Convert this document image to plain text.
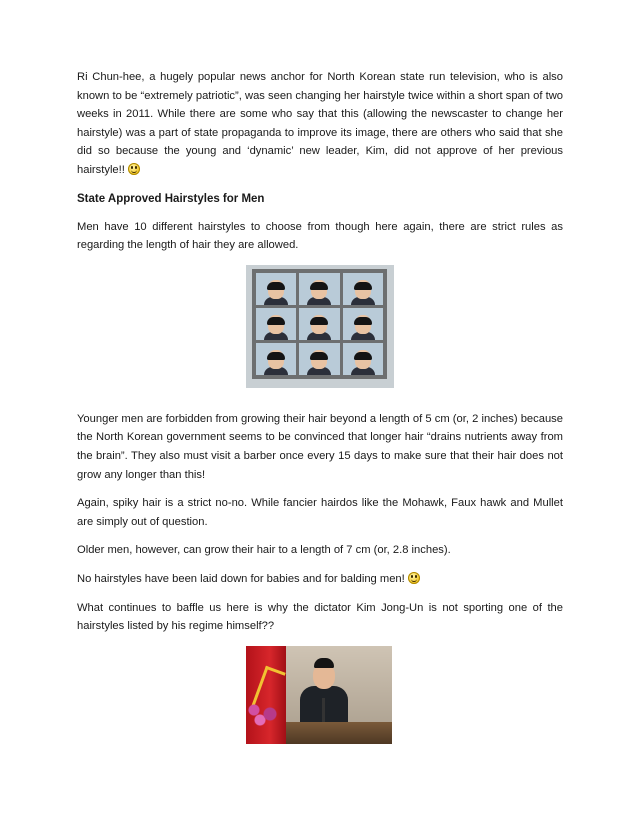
Ri Chun-hee, a hugely popular news anchor for North Korean state run television, who is also known to be “extremely patriotic”, was seen changing her hairstyle twice within a short span of two weeks in 2011. While there are some who say that this (allowing the newscaster to change her hairstyle) was a part of state propaganda to improve its image, there are others who said that she did so because the young and ‘dynamic’ new leader, Kim, did not approve of her previous hairstyle!!

State Approved Hairstyles for Men

Men have 10 different hairstyles to choose from though here again, there are strict rules as regarding the length of hair they are allowed.

Younger men are forbidden from growing their hair beyond a length of 5 cm (or, 2 inches) because the North Korean government seems to be convinced that longer hair “drains nutrients away from the brain”. They also must visit a barber once every 15 days to make sure that their hair does not grow any longer than this!

Again, spiky hair is a strict no-no. While fancier hairdos like the Mohawk, Faux hawk and Mullet are simply out of question.

Older men, however, can grow their hair to a length of 7 cm (or, 2.8 inches).

No hairstyles have been laid down for babies and for balding men!

What continues to baffle us here is why the dictator Kim Jong-Un is not sporting one of the hairstyles listed by his regime himself??
